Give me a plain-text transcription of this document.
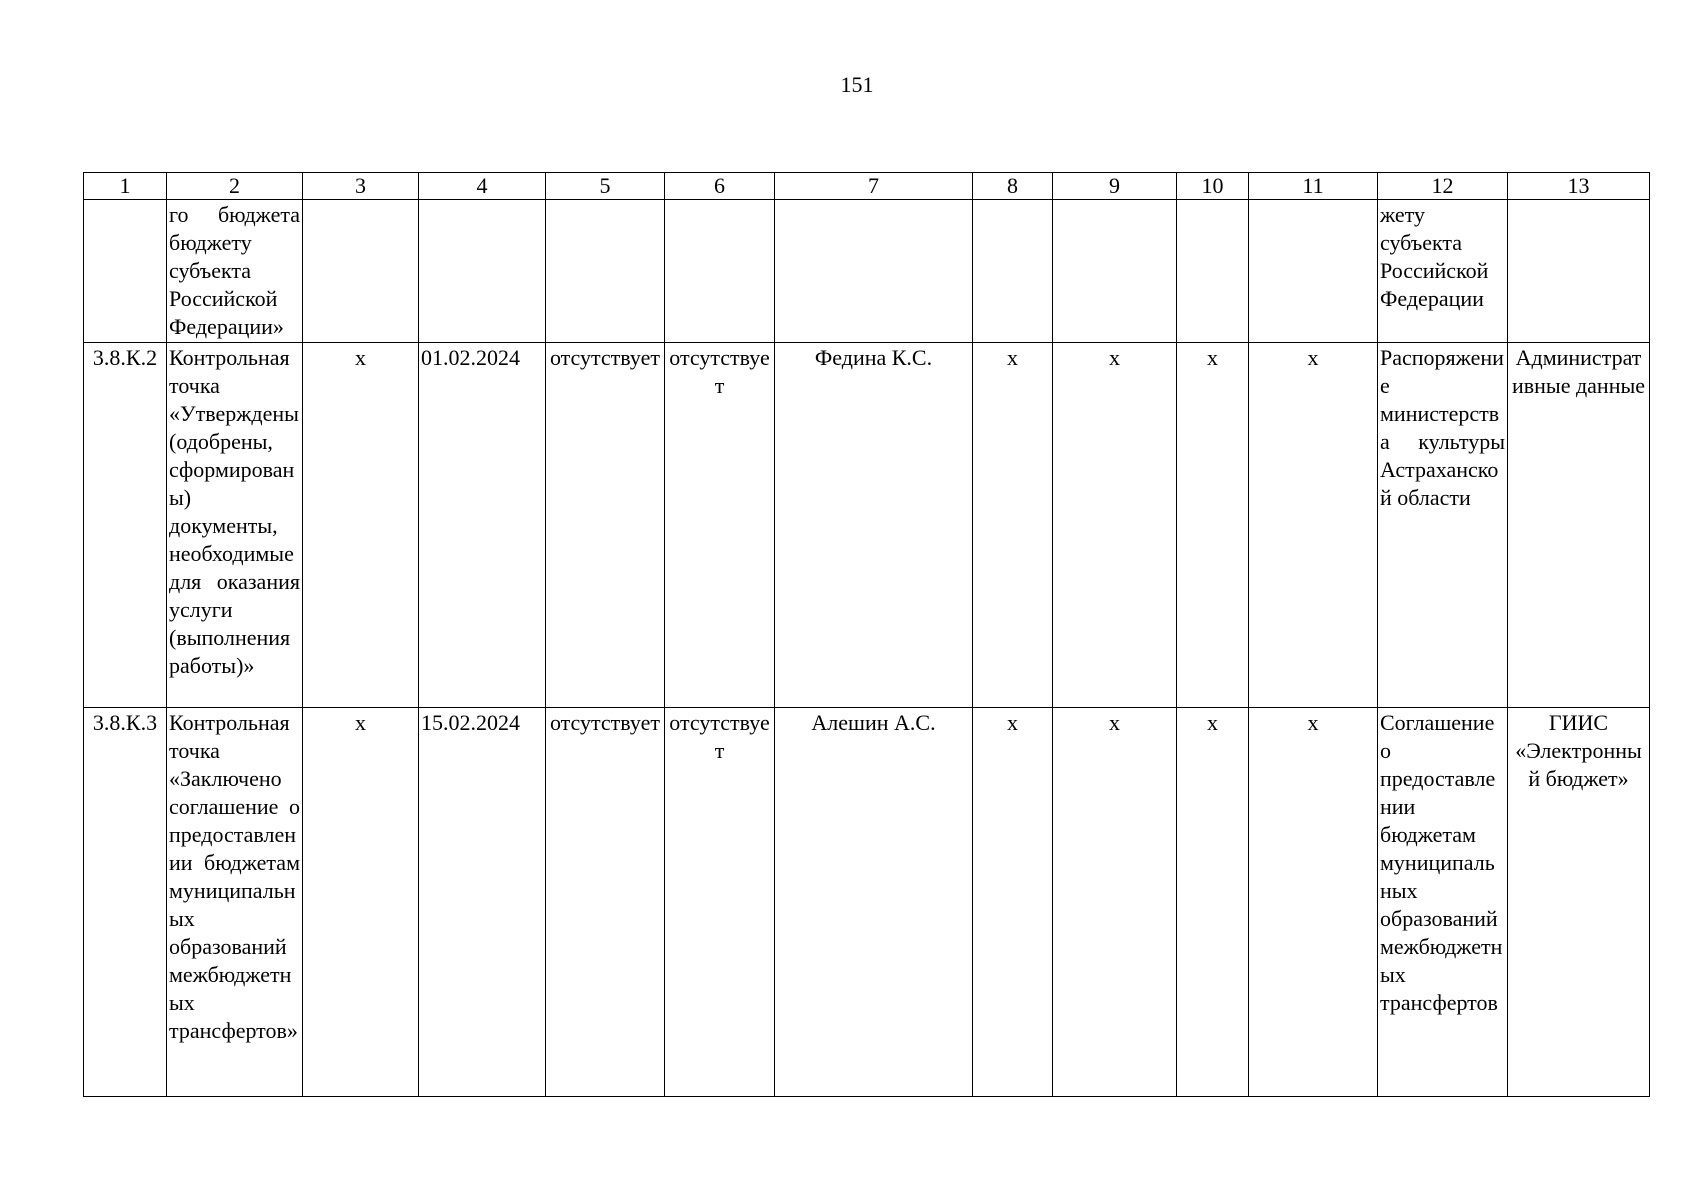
151
1	2	3	4	5	6	7	8	9	10	11	12	13
	го бюджета бюджету субъекта Российской Федерации»										жету субъекта Российской Федерации	
3.8.К.2	Контрольная точка «Утверждены (одобрены, сформированы) документы, необходимые для оказания услуги (выполнения работы)»	x	01.02.2024	отсутствует	отсутствует	Федина К.С.	x	x	x	x	Распоряжение министерства культуры Астраханской области	Административные данные
3.8.К.3	Контрольная точка «Заключено соглашение о предоставлении бюджетам муниципальных образований межбюджетных трансфертов»	x	15.02.2024	отсутствует	отсутствует	Алешин А.С.	x	x	x	x	Соглашение о предоставлении бюджетам муниципальных образований межбюджетных трансфертов	ГИИС «Электронный бюджет»
